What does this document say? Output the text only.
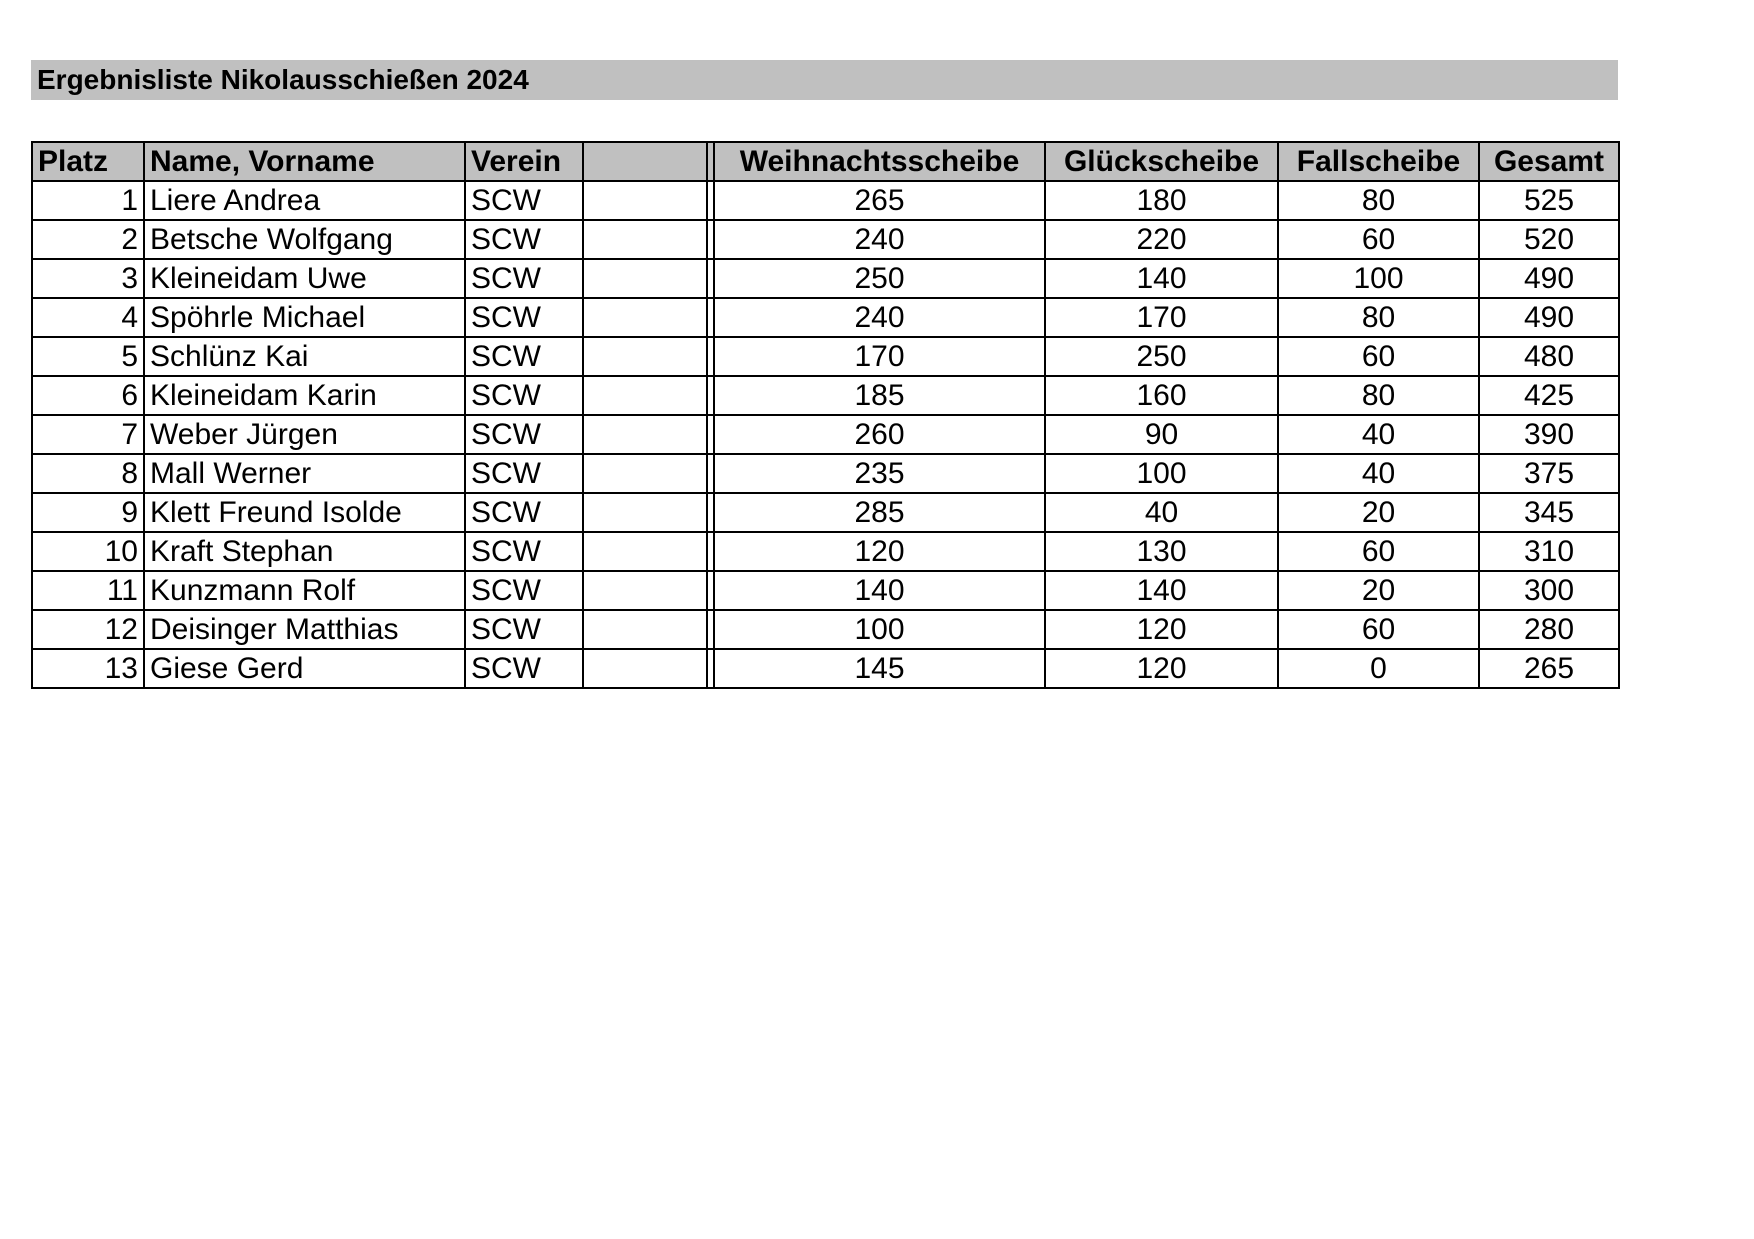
Ergebnisliste Nikolausschießen 2024
Platz	Name, Vorname	Verein			Weihnachtsscheibe	Glückscheibe	Fallscheibe	Gesamt
1	Liere Andrea	SCW			265	180	80	525
2	Betsche Wolfgang	SCW			240	220	60	520
3	Kleineidam Uwe	SCW			250	140	100	490
4	Spöhrle Michael	SCW			240	170	80	490
5	Schlünz Kai	SCW			170	250	60	480
6	Kleineidam Karin	SCW			185	160	80	425
7	Weber Jürgen	SCW			260	90	40	390
8	Mall Werner	SCW			235	100	40	375
9	Klett Freund Isolde	SCW			285	40	20	345
10	Kraft Stephan	SCW			120	130	60	310
11	Kunzmann Rolf	SCW			140	140	20	300
12	Deisinger Matthias	SCW			100	120	60	280
13	Giese Gerd	SCW			145	120	0	265
